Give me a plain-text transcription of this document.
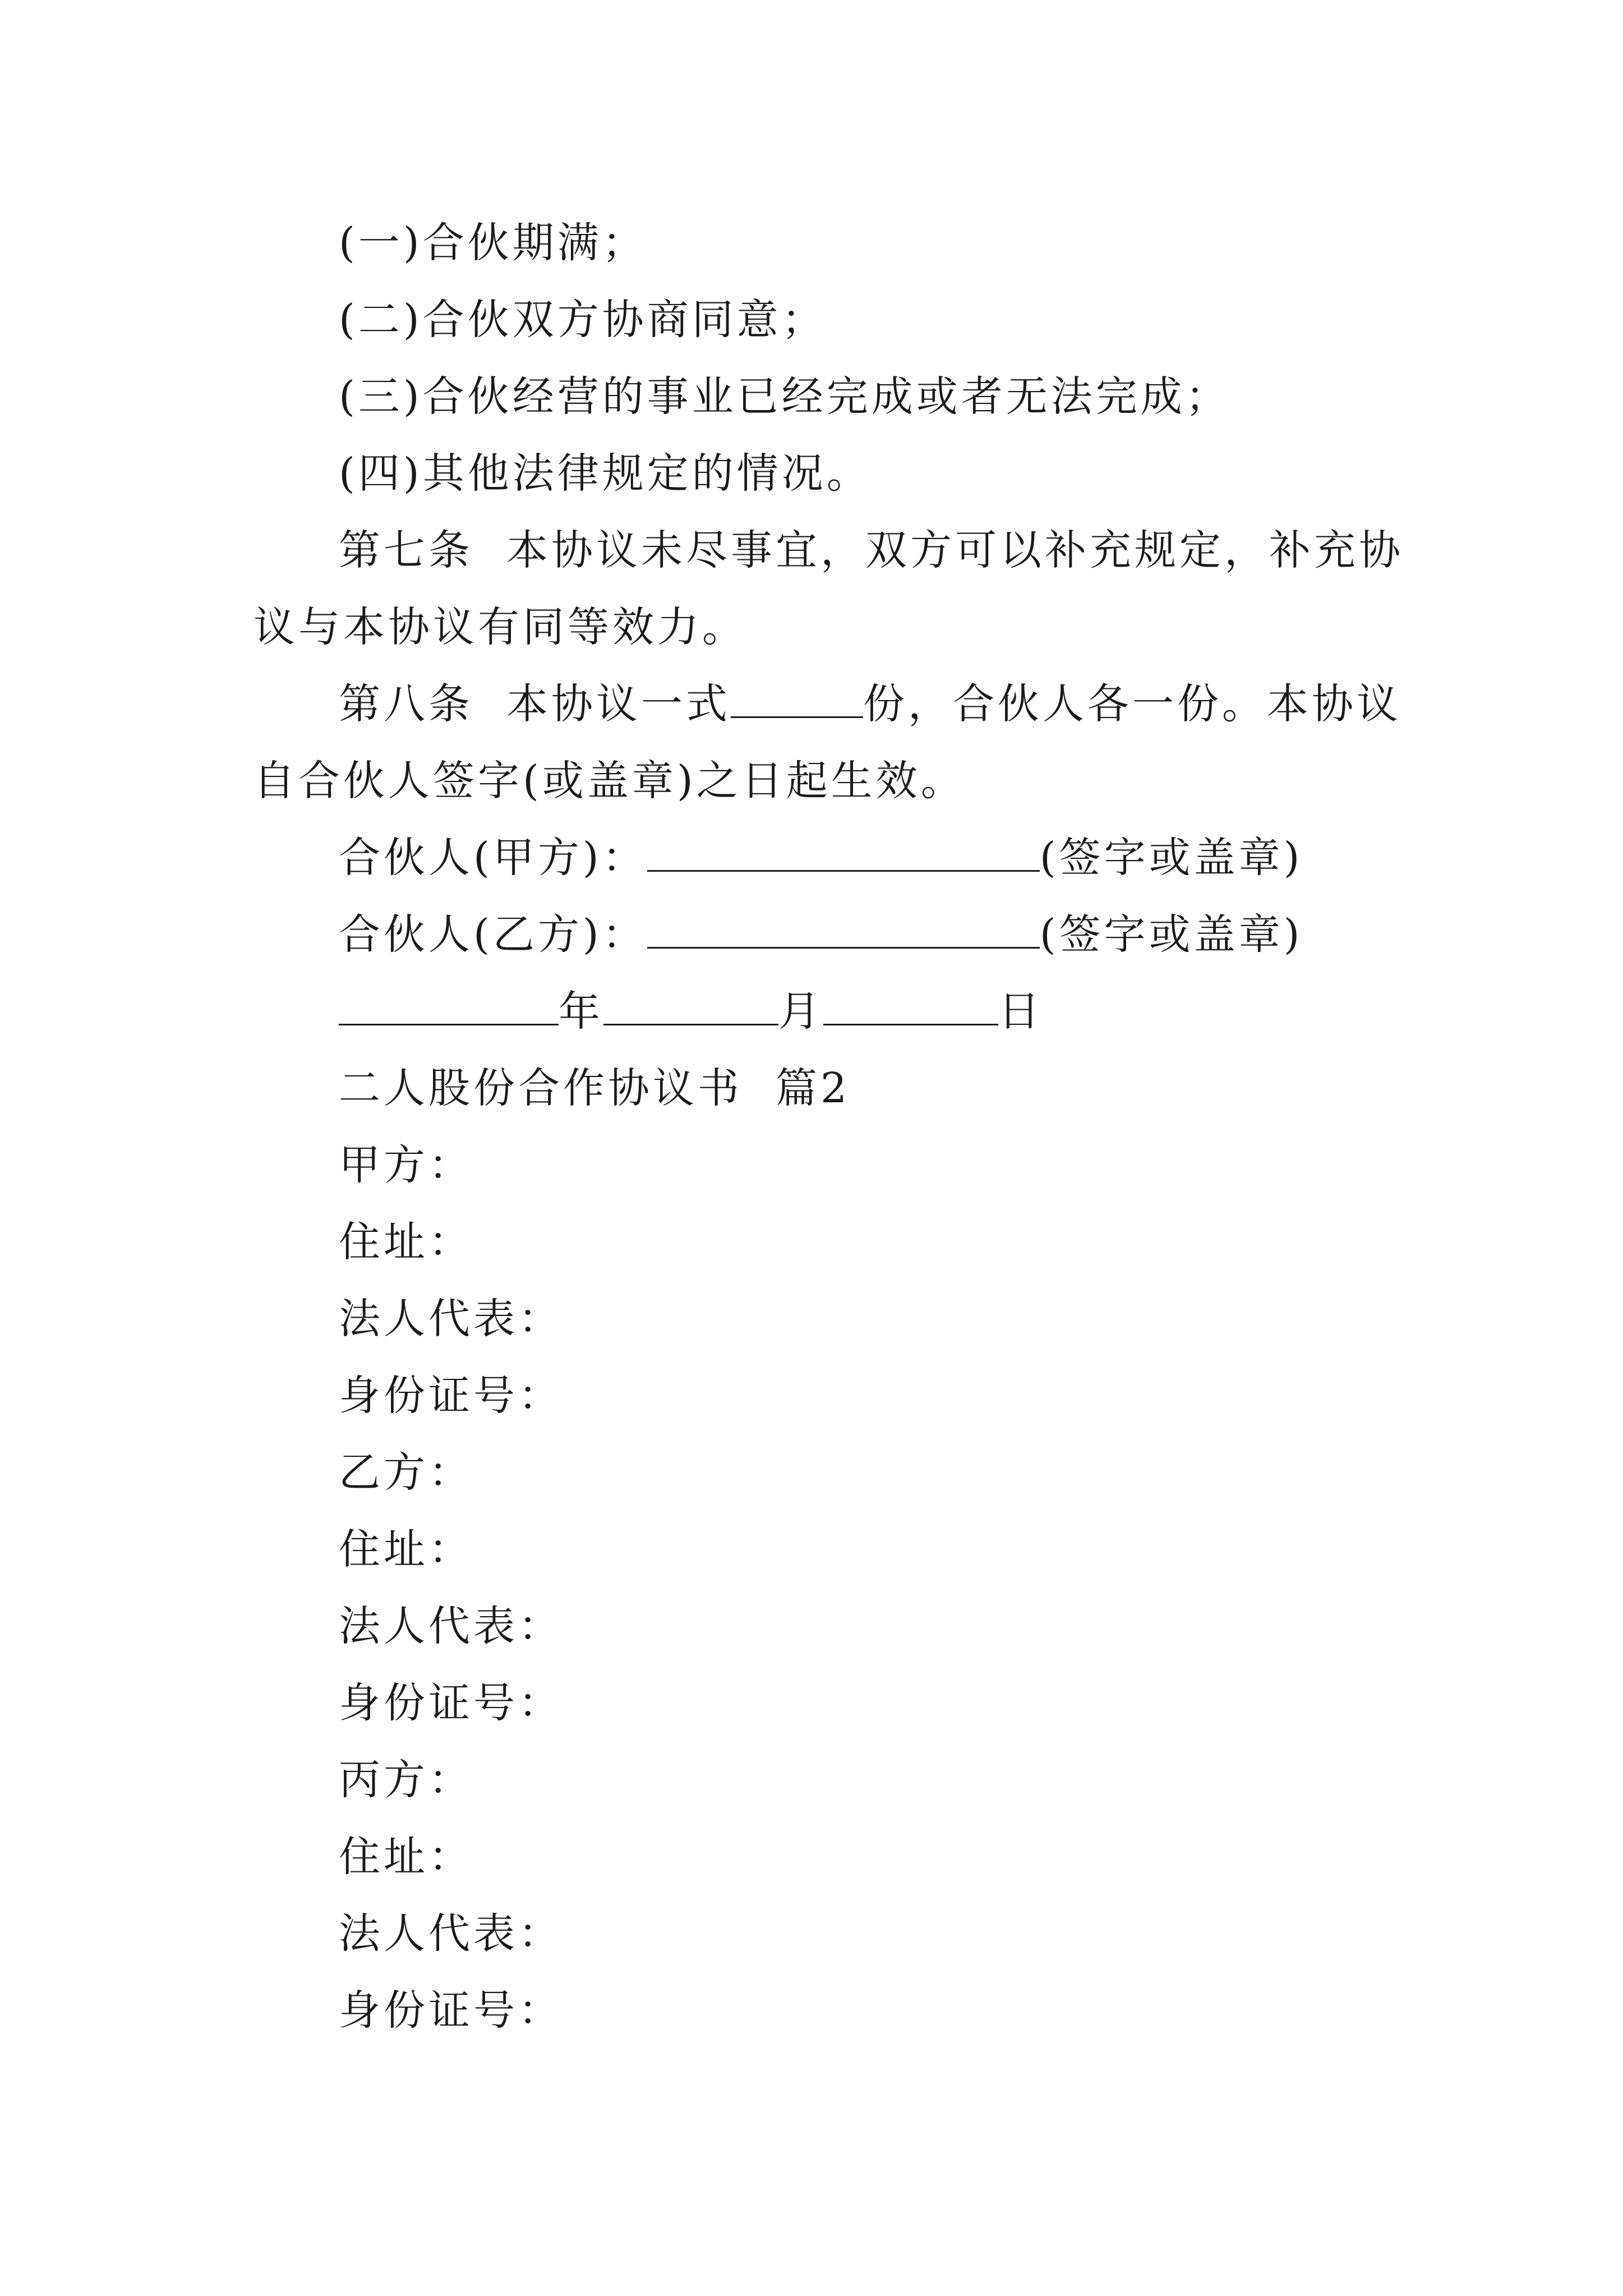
(一)合伙期满；
(二)合伙双方协商同意；
(三)合伙经营的事业已经完成或者无法完成；
(四)其他法律规定的情况。
第七条  本协议未尽事宜，双方可以补充规定，补充协
议与本协议有同等效力。
第八条  本协议一式	份，合伙人各一份。本协议
自合伙人签字(或盖章)之日起生效。
合伙人(甲方)：	(签字或盖章)
合伙人(乙方)：	(签字或盖章)
年	月	日
二人股份合作协议书  篇2
甲方：
住址：
法人代表：
身份证号：
乙方：
住址：
法人代表：
身份证号：
丙方：
住址：
法人代表：
身份证号：
